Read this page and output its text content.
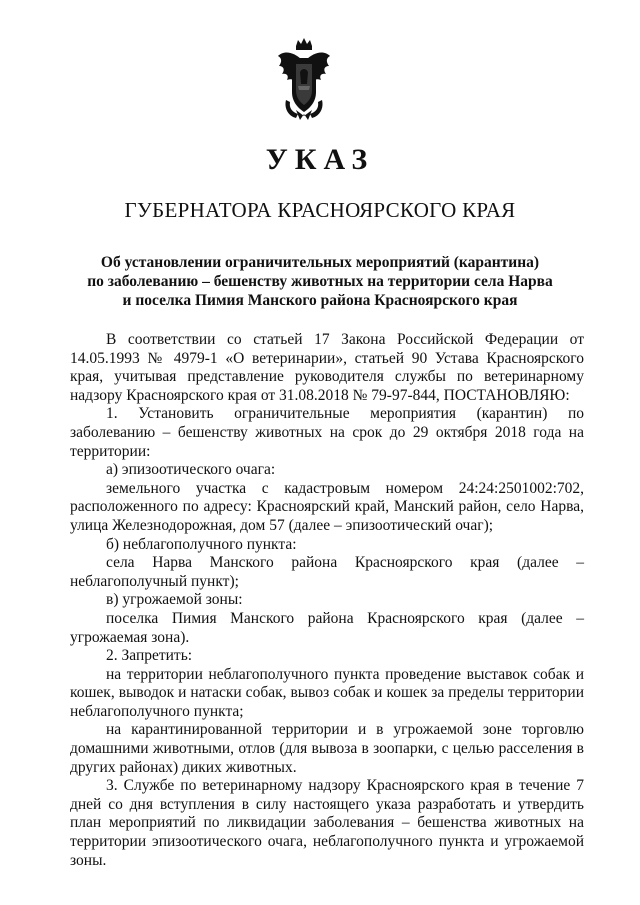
УКАЗ
ГУБЕРНАТОРА КРАСНОЯРСКОГО КРАЯ
Об установлении ограничительных мероприятий (карантина)
по заболеванию – бешенству животных на территории села Нарва
и поселка Пимия Манского района Красноярского края

В соответствии со статьей 17 Закона Российской Федерации от 14.05.1993 № 4979-1 «О ветеринарии», статьей 90 Устава Красноярского края, учитывая представление руководителя службы по ветеринарному надзору Красноярского края от 31.08.2018 № 79-97-844, ПОСТАНОВЛЯЮ:

1. Установить ограничительные мероприятия (карантин) по заболеванию – бешенству животных на срок до 29 октября 2018 года на территории:

а) эпизоотического очага:

земельного участка с кадастровым номером 24:24:2501002:702, расположенного по адресу: Красноярский край, Манский район, село Нарва, улица Железнодорожная, дом 57 (далее – эпизоотический очаг);

б) неблагополучного пункта:

села Нарва Манского района Красноярского края (далее – неблагополучный пункт);

в) угрожаемой зоны:

поселка Пимия Манского района Красноярского края (далее – угрожаемая зона).

2. Запретить:

на территории неблагополучного пункта проведение выставок собак и кошек, выводок и натаски собак, вывоз собак и кошек за пределы территории неблагополучного пункта;

на карантинированной территории и в угрожаемой зоне торговлю домашними животными, отлов (для вывоза в зоопарки, с целью расселения в других районах) диких животных.

3. Службе по ветеринарному надзору Красноярского края в течение 7 дней со дня вступления в силу настоящего указа разработать и утвердить план мероприятий по ликвидации заболевания – бешенства животных на территории эпизоотического очага, неблагополучного пункта и угрожаемой зоны.
